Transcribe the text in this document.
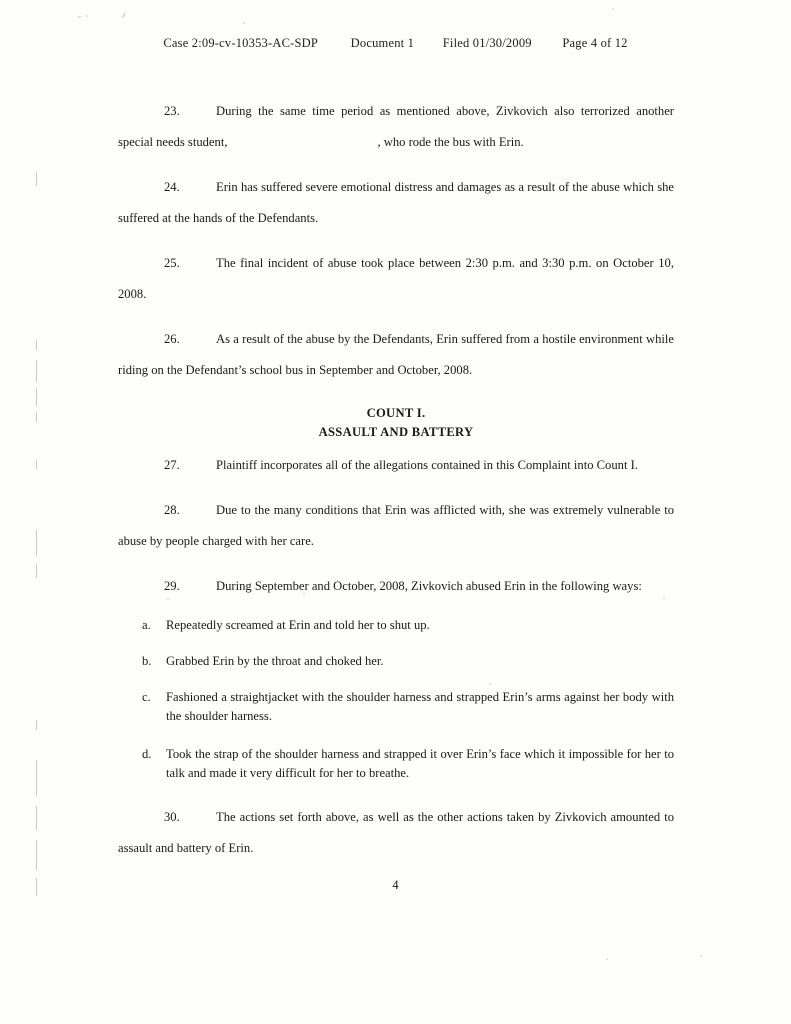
Case 2:09-cv-10353-AC-SDP	Document 1 Filed 01/30/2009 Page 4 of 12

23.	During the same time period as mentioned above, Zivkovich also terrorized another special needs student,	, who rode the bus with Erin.

24.	Erin has suffered severe emotional distress and damages as a result of the abuse which she suffered at the hands of the Defendants.

25.	The final incident of abuse took place between 2:30 p.m. and 3:30 p.m. on October 10, 2008.

26.	As a result of the abuse by the Defendants, Erin suffered from a hostile environment while riding on the Defendant’s school bus in September and October, 2008.

COUNT I.
ASSAULT AND BATTERY

27.	Plaintiff incorporates all of the allegations contained in this Complaint into Count I.

28.	Due to the many conditions that Erin was afflicted with, she was extremely vulnerable to abuse by people charged with her care.

29.	During September and October, 2008, Zivkovich abused Erin in the following ways:

a.	Repeatedly screamed at Erin and told her to shut up.
b.	Grabbed Erin by the throat and choked her.
c.	Fashioned a straightjacket with the shoulder harness and strapped Erin’s arms against her body with the shoulder harness.
d.	Took the strap of the shoulder harness and strapped it over Erin’s face which it impossible for her to talk and made it very difficult for her to breathe.

30.	The actions set forth above, as well as the other actions taken by Zivkovich amounted to assault and battery of Erin.

4
